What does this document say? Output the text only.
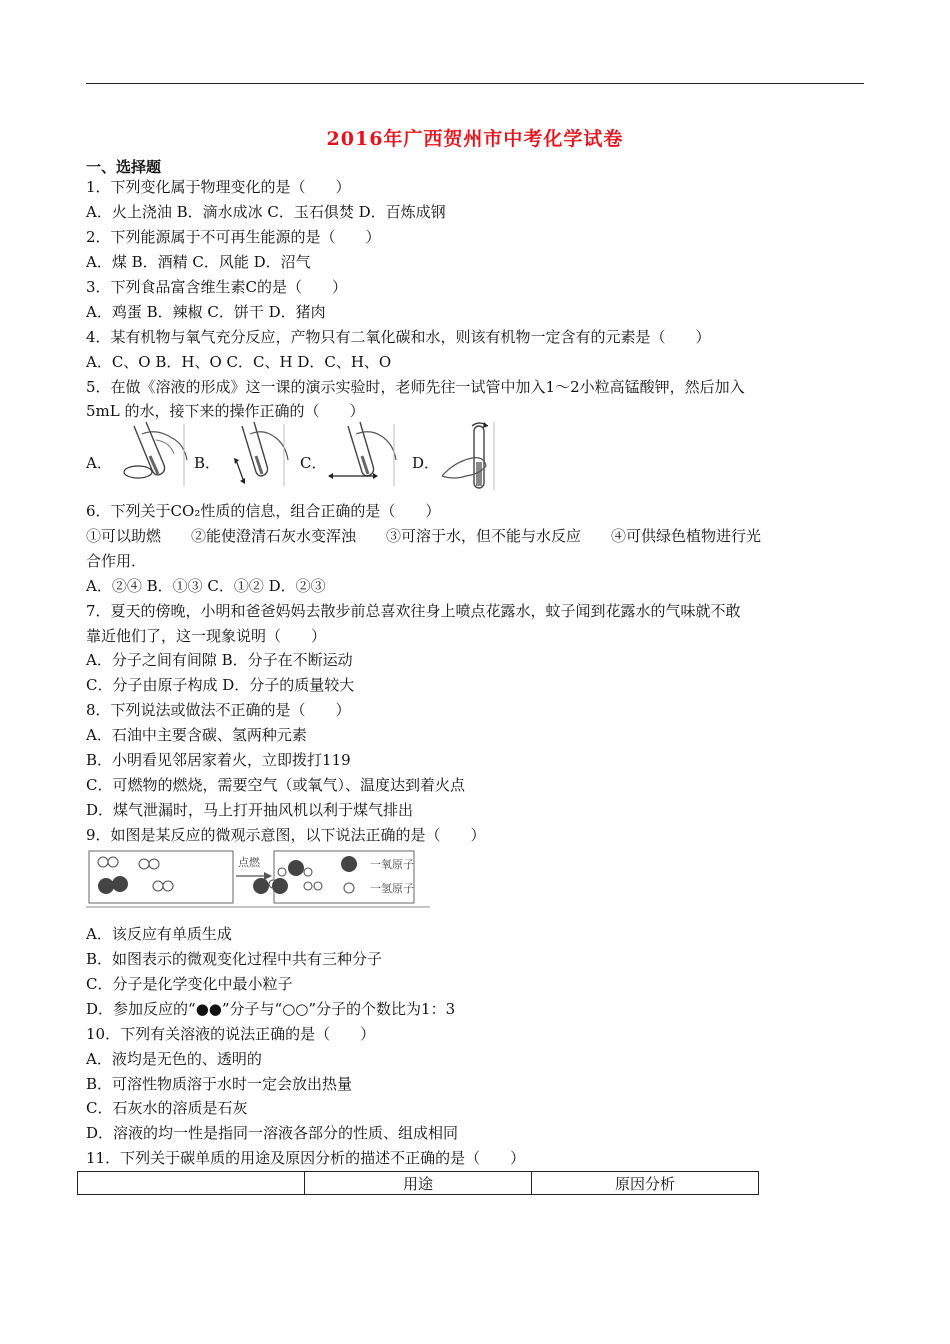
2016年广西贺州市中考化学试卷
一、选择题
1．下列变化属于物理变化的是（　　）
A．火上浇油 B．滴水成冰 C．玉石俱焚 D．百炼成钢
2．下列能源属于不可再生能源的是（　　）
A．煤 B．酒精 C．风能 D．沼气
3．下列食品富含维生素C的是（　　）
A．鸡蛋 B．辣椒 C．饼干 D．猪肉
4．某有机物与氧气充分反应，产物只有二氧化碳和水，则该有机物一定含有的元素是（　　）
A．C、O B．H、O C．C、H D．C、H、O
5．在做《溶液的形成》这一课的演示实验时，老师先往一试管中加入1～2小粒高锰酸钾，然后加入
5mL 的水，接下来的操作正确的（　　）
A．	B．	C．	D．
6．下列关于CO₂性质的信息，组合正确的是（　　）
①可以助燃　　②能使澄清石灰水变浑浊　　③可溶于水，但不能与水反应　　④可供绿色植物进行光
合作用．
A．②④ B．①③ C．①② D．②③
7．夏天的傍晚，小明和爸爸妈妈去散步前总喜欢往身上喷点花露水，蚊子闻到花露水的气味就不敢
靠近他们了，这一现象说明（　　）
A．分子之间有间隙 B．分子在不断运动
C．分子由原子构成 D．分子的质量较大
8．下列说法或做法不正确的是（　　）
A．石油中主要含碳、氢两种元素
B．小明看见邻居家着火，立即拨打119
C．可燃物的燃烧，需要空气（或氧气）、温度达到着火点
D．煤气泄漏时，马上打开抽风机以利于煤气排出
9．如图是某反应的微观示意图，以下说法正确的是（　　）
点燃	一氧原子
一氢原子
A．该反应有单质生成
B．如图表示的微观变化过程中共有三种分子
C．分子是化学变化中最小粒子
D．参加反应的“●●”分子与“○○”分子的个数比为1：3
10．下列有关溶液的说法正确的是（　　）
A．液均是无色的、透明的
B．可溶性物质溶于水时一定会放出热量
C．石灰水的溶质是石灰
D．溶液的均一性是指同一溶液各部分的性质、组成相同
11．下列关于碳单质的用途及原因分析的描述不正确的是（　　）
	用途	原因分析
